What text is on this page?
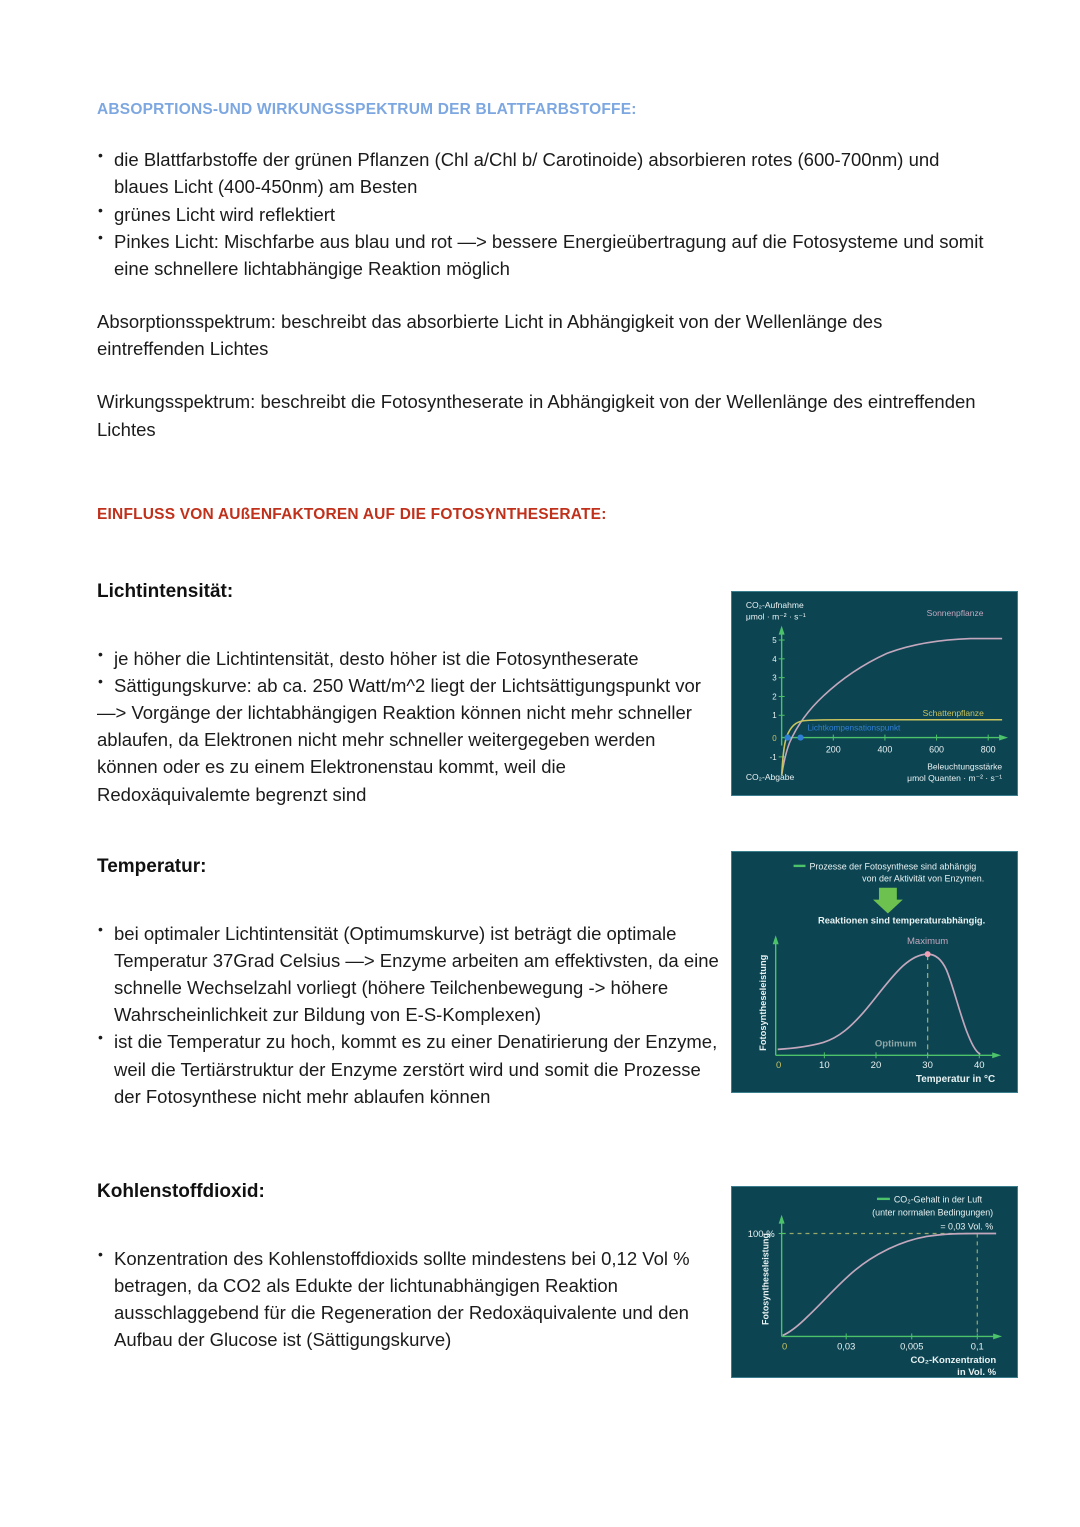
ABSOPRTIONS-UND WIRKUNGSSPEKTRUM DER BLATTFARBSTOFFE:
• die Blattfarbstoffe der grünen Pflanzen (Chl a/Chl b/ Carotinoide) absorbieren rotes (600-700nm) und blaues Licht (400-450nm) am Besten
• grünes Licht wird reflektiert
• Pinkes Licht: Mischfarbe aus blau und rot —> bessere Energieübertragung auf die Fotosysteme und somit eine schnellere lichtabhängige Reaktion möglich

Absorptionsspektrum: beschreibt das absorbierte Licht in Abhängigkeit von der Wellenlänge des eintreffenden Lichtes

Wirkungsspektrum: beschreibt die Fotosyntheserate in Abhängigkeit von der Wellenlänge des eintreffenden Lichtes

EINFLUSS VON AUßENFAKTOREN AUF DIE FOTOSYNTHESERATE:
Lichtintensität:
• je höher die Lichtintensität, desto höher ist die Fotosyntheserate
• Sättigungskurve: ab ca. 250 Watt/m^2 liegt der Lichtsättigungspunkt vor
—> Vorgänge der lichtabhängigen Reaktion können nicht mehr schneller ablaufen, da Elektronen nicht mehr schneller weitergegeben werden können oder es zu einem Elektronenstau kommt, weil die Redoxäquivalemte begrenzt sind
Temperatur:
• bei optimaler Lichtintensität (Optimumskurve) ist beträgt die optimale Temperatur 37Grad Celsius —> Enzyme arbeiten am effektivsten, da eine schnelle Wechselzahl vorliegt (höhere Teilchenbewegung -> höhere Wahrscheinlichkeit zur Bildung von E-S-Komplexen)
• ist die Temperatur zu hoch, kommt es zu einer Denatirierung der Enzyme, weil die Tertiärstruktur der Enzyme zerstört wird und somit die Prozesse der Fotosynthese nicht mehr ablaufen können
Kohlenstoffdioxid:
• Konzentration des Kohlenstoffdioxids sollte mindestens bei 0,12 Vol % betragen, da CO2 als Edukte der lichtunabhängigen Reaktion ausschlaggebend für die Regeneration der Redoxäquivalente und den Aufbau der Glucose ist (Sättigungskurve)
5
4
3
2
1
0
-1
200	400	600	800
Sonnenpflanze
Schattenpflanze
Lichtkompensationspunkt
CO₂-Aufnahme
μmol · m⁻² · s⁻¹
CO₂-Abgabe
Beleuchtungsstärke
μmol Quanten · m⁻² · s⁻¹
Prozesse der Fotosynthese sind abhängig
von der Aktivität von Enzymen.
Reaktionen sind temperaturabhängig.
0	10	20	30	40
Maximum
Optimum
Fotosyntheseleistung
Temperatur in °C
CO₂-Gehalt in der Luft
(unter normalen Bedingungen)
= 0,03 Vol. %
100 %
0	0,03	0,005	0,1
Fotosyntheseleistung
CO₂-Konzentration
in Vol. %
